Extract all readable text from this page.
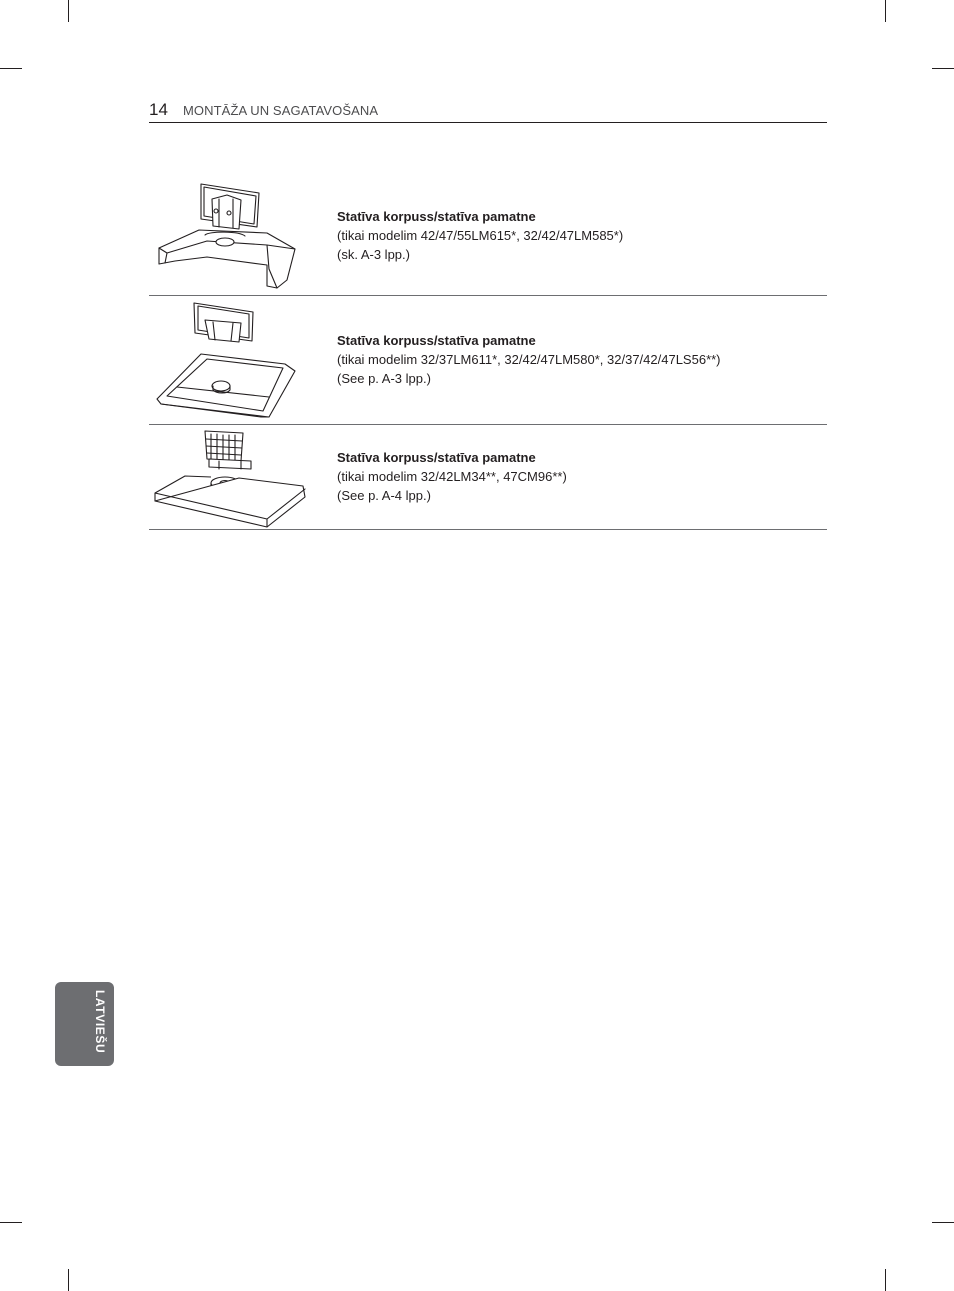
14 MONTĀŽA UN SAGATAVOŠANA
Statīva korpuss/statīva pamatne
(tikai modelim 42/47/55LM615*, 32/42/47LM585*)
(sk. A-3 lpp.)
Statīva korpuss/statīva pamatne
(tikai modelim 32/37LM611*, 32/42/47LM580*, 32/37/42/47LS56**)
(See p. A-3 lpp.)
Statīva korpuss/statīva pamatne
(tikai modelim 32/42LM34**, 47CM96**)
(See p. A-4 lpp.)
LATVIEŠU
